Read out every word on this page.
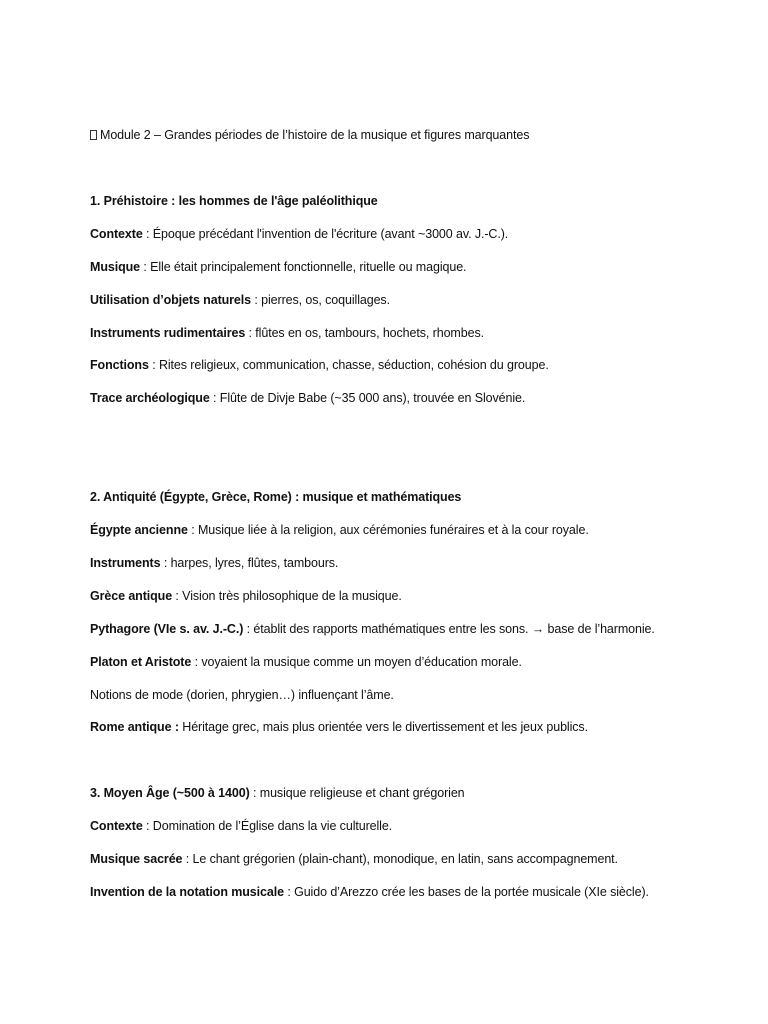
Module 2 – Grandes périodes de l’histoire de la musique et figures marquantes
1. Préhistoire : les hommes de l'âge paléolithique
Contexte : Époque précédant l'invention de l'écriture (avant ~3000 av. J.-C.).
Musique : Elle était principalement fonctionnelle, rituelle ou magique.
Utilisation d’objets naturels : pierres, os, coquillages.
Instruments rudimentaires : flûtes en os, tambours, hochets, rhombes.
Fonctions : Rites religieux, communication, chasse, séduction, cohésion du groupe.
Trace archéologique : Flûte de Divje Babe (~35 000 ans), trouvée en Slovénie.
2. Antiquité (Égypte, Grèce, Rome) : musique et mathématiques
Égypte ancienne : Musique liée à la religion, aux cérémonies funéraires et à la cour royale.
Instruments : harpes, lyres, flûtes, tambours.
Grèce antique : Vision très philosophique de la musique.
Pythagore (VIe s. av. J.-C.) : établit des rapports mathématiques entre les sons. → base de l’harmonie.
Platon et Aristote : voyaient la musique comme un moyen d’éducation morale.
Notions de mode (dorien, phrygien…) influençant l’âme.
Rome antique : Héritage grec, mais plus orientée vers le divertissement et les jeux publics.
3. Moyen Âge (~500 à 1400) : musique religieuse et chant grégorien
Contexte : Domination de l’Église dans la vie culturelle.
Musique sacrée : Le chant grégorien (plain-chant), monodique, en latin, sans accompagnement.
Invention de la notation musicale : Guido d’Arezzo crée les bases de la portée musicale (XIe siècle).
